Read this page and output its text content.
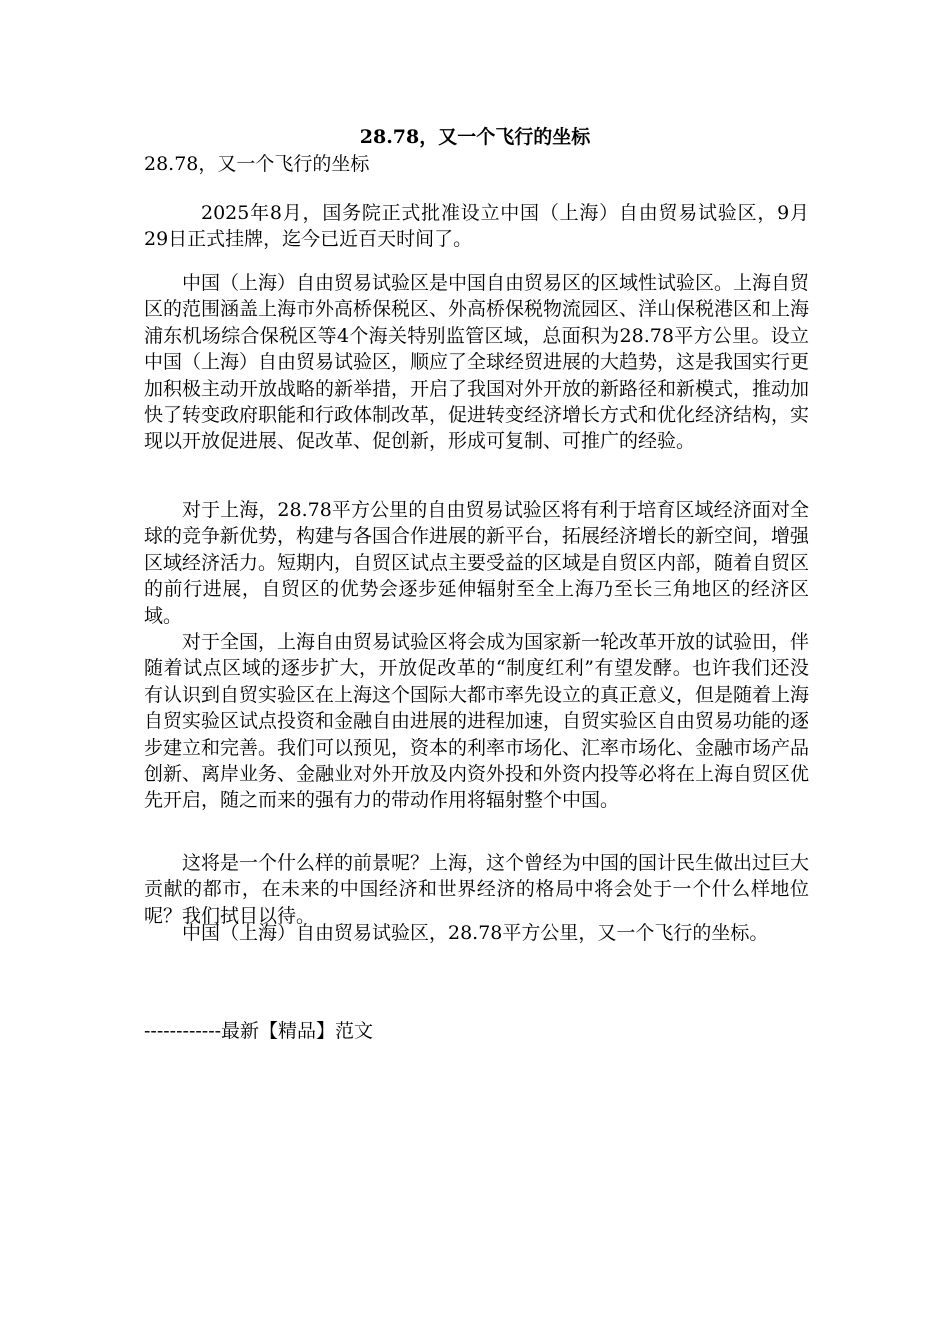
28.78，又一个飞行的坐标
28.78，又一个飞行的坐标

2025年8月，国务院正式批准设立中国（上海）自由贸易试验区，9月29日正式挂牌，迄今已近百天时间了。

中国（上海）自由贸易试验区是中国自由贸易区的区域性试验区。上海自贸区的范围涵盖上海市外高桥保税区、外高桥保税物流园区、洋山保税港区和上海浦东机场综合保税区等4个海关特别监管区域，总面积为28.78平方公里。设立中国（上海）自由贸易试验区，顺应了全球经贸进展的大趋势，这是我国实行更加积极主动开放战略的新举措，开启了我国对外开放的新路径和新模式，推动加快了转变政府职能和行政体制改革，促进转变经济增长方式和优化经济结构，实现以开放促进展、促改革、促创新，形成可复制、可推广的经验。

对于上海，28.78平方公里的自由贸易试验区将有利于培育区域经济面对全球的竞争新优势，构建与各国合作进展的新平台，拓展经济增长的新空间，增强区域经济活力。短期内，自贸区试点主要受益的区域是自贸区内部，随着自贸区的前行进展，自贸区的优势会逐步延伸辐射至全上海乃至长三角地区的经济区域。

对于全国，上海自由贸易试验区将会成为国家新一轮改革开放的试验田，伴随着试点区域的逐步扩大，开放促改革的“制度红利”有望发酵。也许我们还没有认识到自贸实验区在上海这个国际大都市率先设立的真正意义，但是随着上海自贸实验区试点投资和金融自由进展的进程加速，自贸实验区自由贸易功能的逐步建立和完善。我们可以预见，资本的利率市场化、汇率市场化、金融市场产品创新、离岸业务、金融业对外开放及内资外投和外资内投等必将在上海自贸区优先开启，随之而来的强有力的带动作用将辐射整个中国。

这将是一个什么样的前景呢？上海，这个曾经为中国的国计民生做出过巨大贡献的都市，在未来的中国经济和世界经济的格局中将会处于一个什么样地位呢？我们拭目以待。

中国（上海）自由贸易试验区，28.78平方公里，又一个飞行的坐标。

------------最新【精品】范文
